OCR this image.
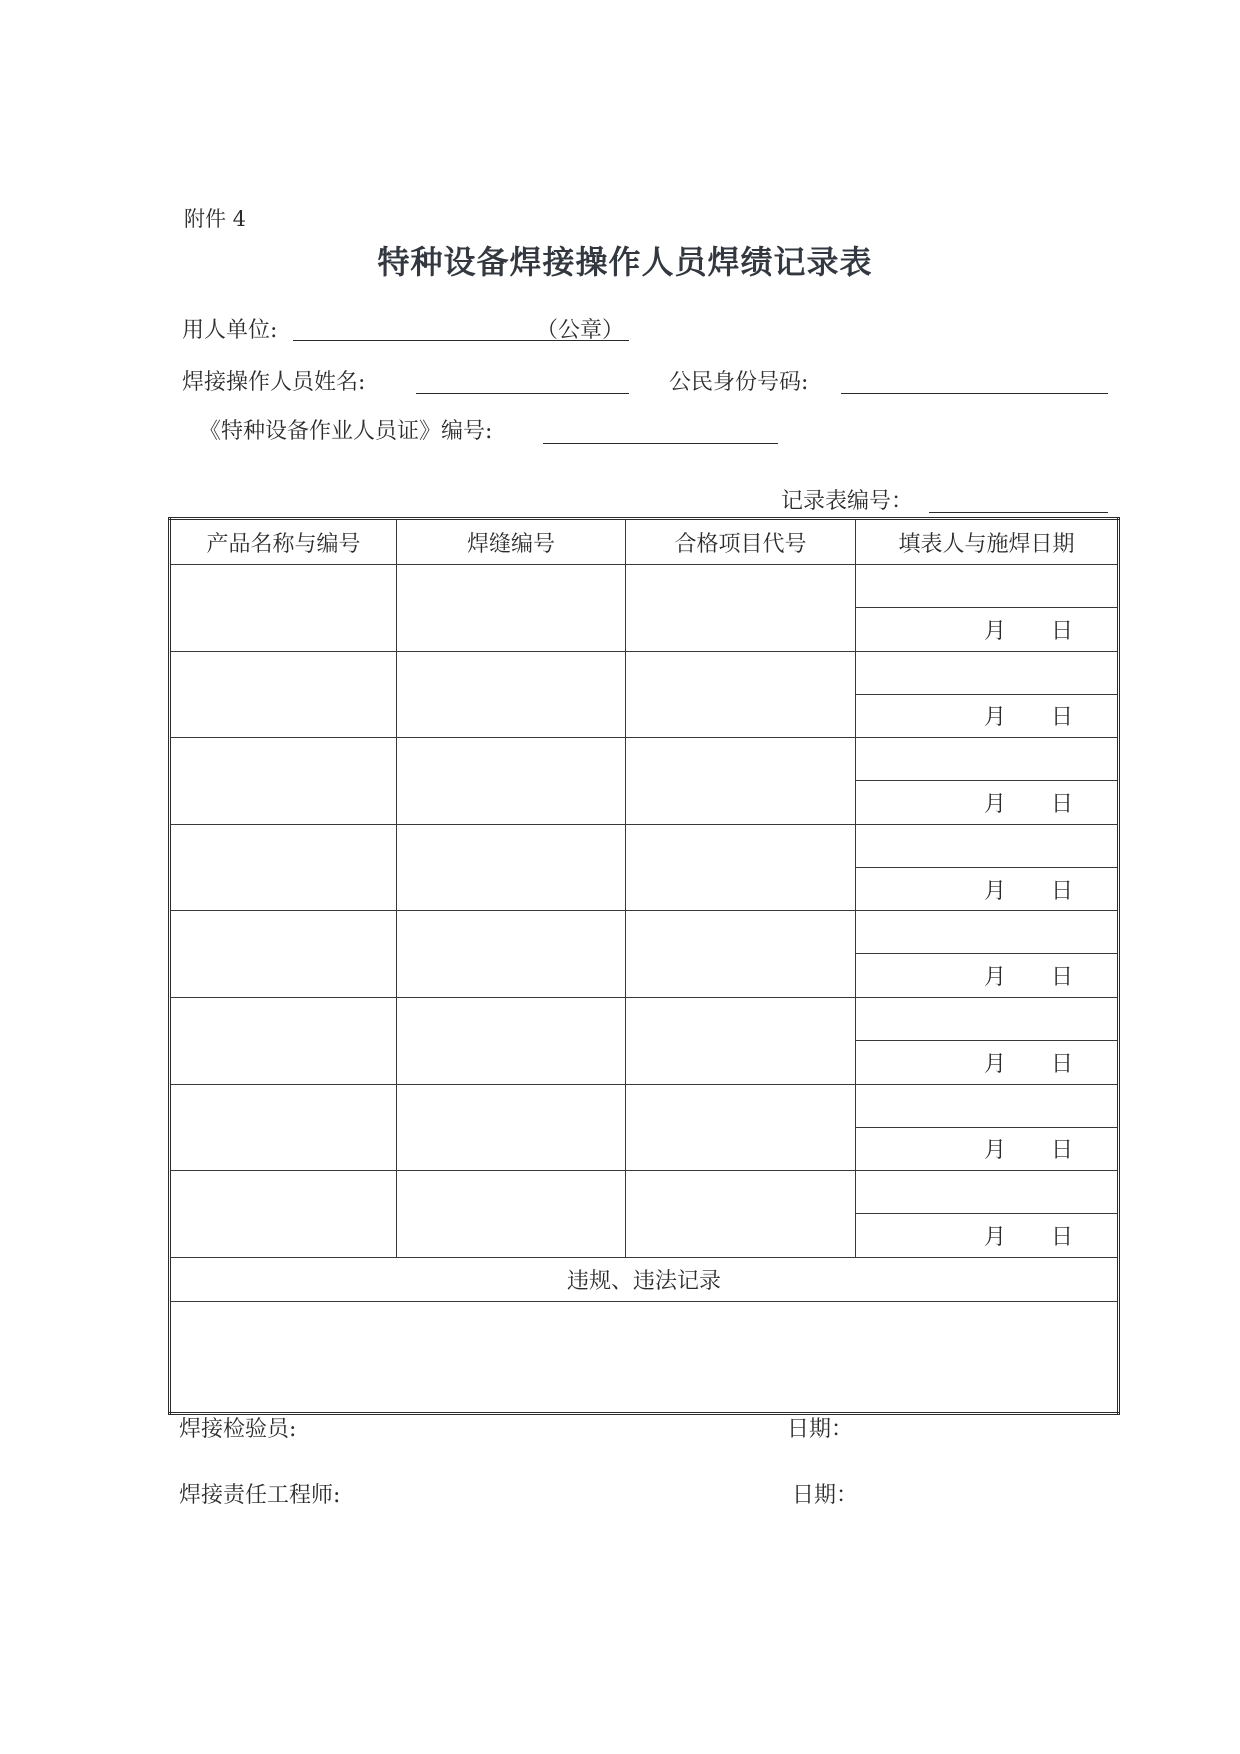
附件 4
特种设备焊接操作人员焊绩记录表
用人单位:	（公章）
焊接操作人员姓名:	公民身份号码:
《特种设备作业人员证》编号:
记录表编号：
产品名称与编号	焊缝编号	合格项目代号	填表人与施焊日期

			月 日

			月 日

			月 日

			月 日

			月 日

			月 日

			月 日

			月 日
违规、违法记录			

焊接检验员:	日期：
焊接责任工程师:	日期：
